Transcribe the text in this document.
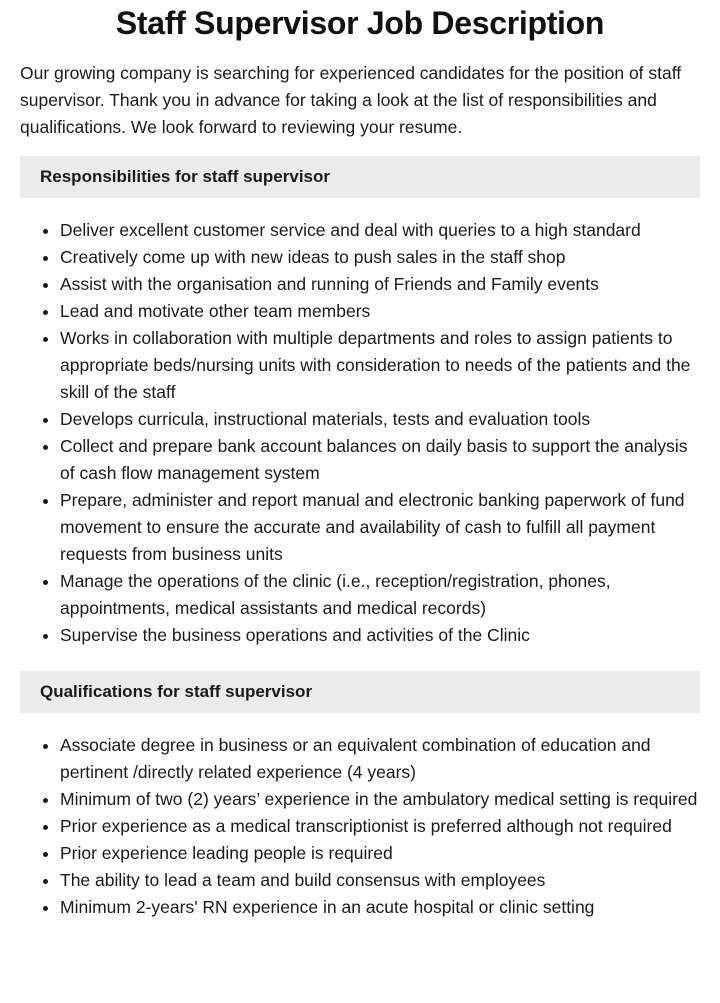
Staff Supervisor Job Description

Our growing company is searching for experienced candidates for the position of staff supervisor. Thank you in advance for taking a look at the list of responsibilities and qualifications. We look forward to reviewing your resume.

Responsibilities for staff supervisor
• Deliver excellent customer service and deal with queries to a high standard
• Creatively come up with new ideas to push sales in the staff shop
• Assist with the organisation and running of Friends and Family events
• Lead and motivate other team members
• Works in collaboration with multiple departments and roles to assign patients to appropriate beds/nursing units with consideration to needs of the patients and the skill of the staff
• Develops curricula, instructional materials, tests and evaluation tools
• Collect and prepare bank account balances on daily basis to support the analysis of cash flow management system
• Prepare, administer and report manual and electronic banking paperwork of fund movement to ensure the accurate and availability of cash to fulfill all payment requests from business units
• Manage the operations of the clinic (i.e., reception/registration, phones, appointments, medical assistants and medical records)
• Supervise the business operations and activities of the Clinic
Qualifications for staff supervisor
• Associate degree in business or an equivalent combination of education and pertinent /directly related experience (4 years)
• Minimum of two (2) years’ experience in the ambulatory medical setting is required
• Prior experience as a medical transcriptionist is preferred although not required
• Prior experience leading people is required
• The ability to lead a team and build consensus with employees
• Minimum 2-years' RN experience in an acute hospital or clinic setting
